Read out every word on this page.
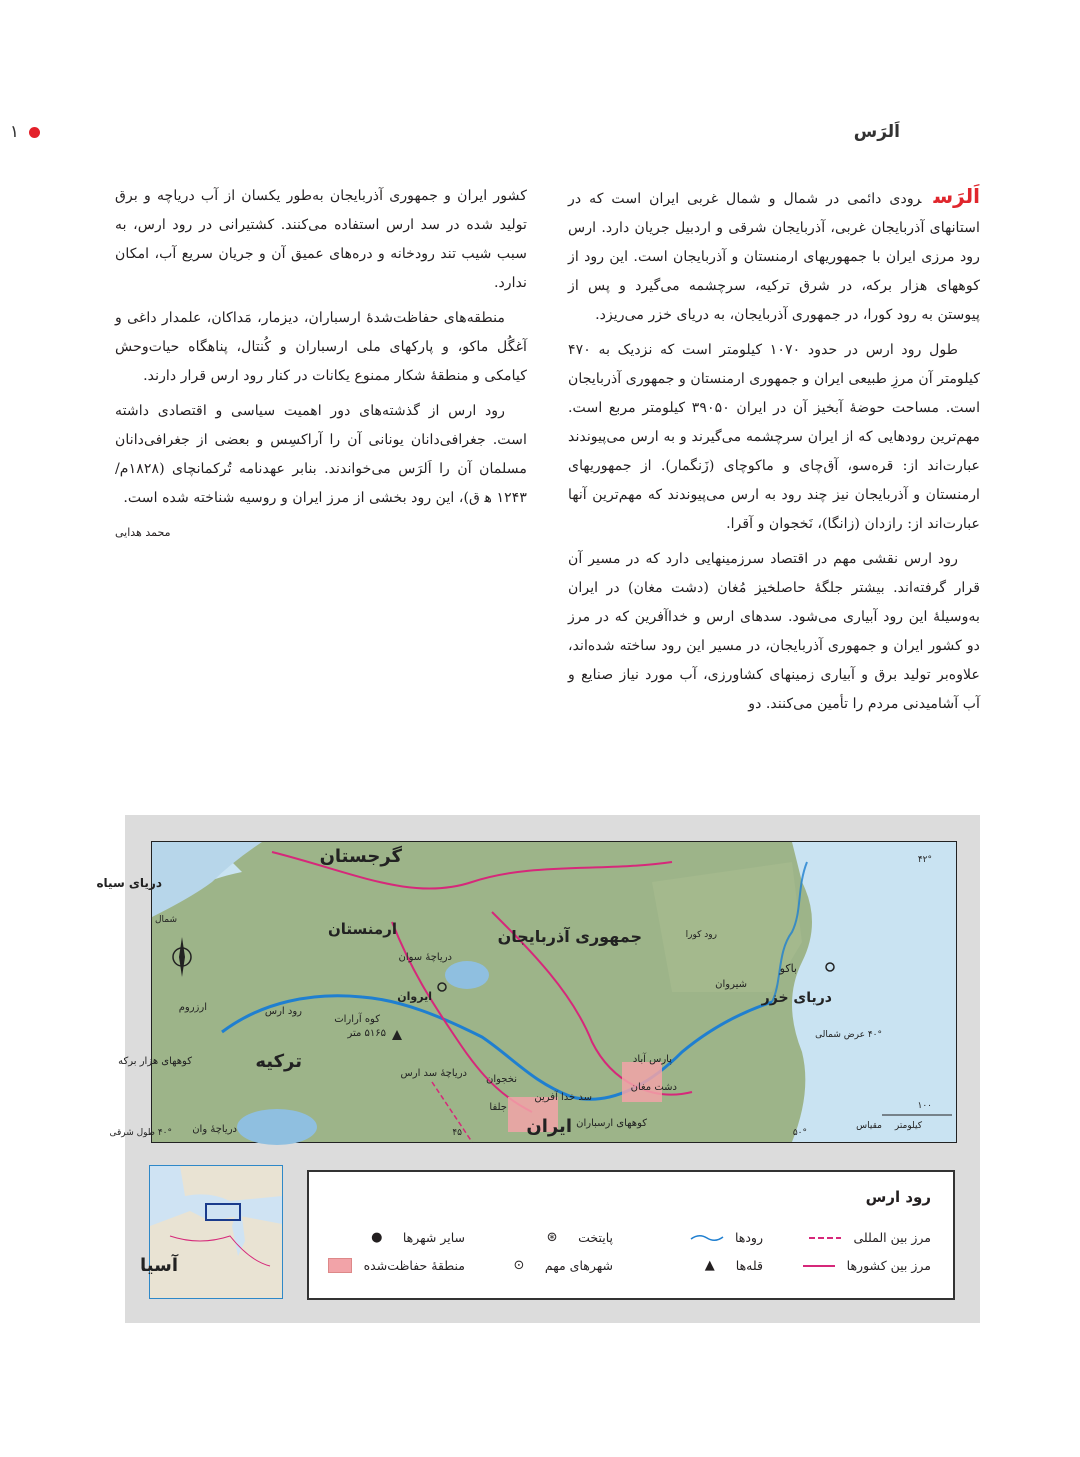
اَلرَس
۱

اَلرَسرودی دائمی در شمال و شمال غربی ایران است که در استانهای آذربایجان غربی، آذربایجان شرقی و اردبیل جریان دارد. ارس رود مرزی ایران با جمهوریهای ارمنستان و آذربایجان است. این رود از کوههای هزار برکه، در شرق ترکیه، سرچشمه می‌گیرد و پس از پیوستن به رود کورا، در جمهوری آذربایجان، به دریای خزر می‌ریزد.

طول رود ارس در حدود ۱۰۷۰ کیلومتر است که نزدیک به ۴۷۰ کیلومتر آن مرزِ طبیعی ایران و جمهوری ارمنستان و جمهوری آذربایجان است. مساحت حوضهٔ آبخیز آن در ایران ۳۹۰۵۰ کیلومتر مربع است. مهم‌ترین رودهایی که از ایران سرچشمه می‌گیرند و به ارس می‌پیوندند عبارت‌اند از: قره‌سو، آق‌چای و ماکوچای (زَنگمار). از جمهوریهای ارمنستان و آذربایجان نیز چند رود به ارس می‌پیوندند که مهم‌ترین آنها عبارت‌اند از: رازدان (زانگا)، نَخجوان و آقرا.

رود ارس نقشی مهم در اقتصاد سرزمینهایی دارد که در مسیر آن قرار گرفته‌اند. بیشتر جلگهٔ حاصلخیز مُغان (دشت مغان) در ایران به‌وسیلهٔ این رود آبیاری می‌شود. سدهای ارس و خداآفرین که در مرز دو کشور ایران و جمهوری آذربایجان، در مسیر این رود ساخته شده‌اند، علاوه‌بر تولید برق و آبیاری زمینهای کشاورزی، آب مورد نیاز صنایع و آب آشامیدنی مردم را تأمین می‌کنند. دو

کشور ایران و جمهوری آذربایجان به‌طور یکسان از آب دریاچه و برق تولید شده در سد ارس استفاده می‌کنند. کشتیرانی در رود ارس، به سبب شیب تند رودخانه و دره‌های عمیق آن و جریان سریع آب، امکان ندارد.

منطقه‌های حفاظت‌شدهٔ ارسباران، دیزمار، مَداکان، علمدار داغی و آغگُل ماکو، و پارکهای ملی ارسباران و کُنتال، پناهگاه حیات‌وحش کیامکی و منطقهٔ شکار ممنوع یکانات در کنار رود ارس قرار دارند.

رود ارس از گذشته‌های دور اهمیت سیاسی و اقتصادی داشته است. جغرافی‌دانان یونانی آن را آراکسِس و بعضی از جغرافی‌دانان مسلمان آن را اَلرَس می‌خواندند. بنابر عهدنامه تُرکمانچای (۱۸۲۸م/ ۱۲۴۳ ه‍ ق)، این رود بخشی از مرز ایران و روسیه شناخته شده است.
محمد هدایی

گرجستان
ارمنستان	جمهوری آذربایجان
ترکیه
ایران
دریای سیاه
دریای خزر
باکو
شیروان
ایروان
دریاچهٔ سوان
ارزروم
کوه آرارات
۵۱۶۵ متر
کوههای هزار برکه
رود ارس
دریاچهٔ وان
جلفا
نخجوان
دریاچهٔ سد ارس
سد خدا آفرین
پارس آباد
دشت مغان
کوههای ارسباران
رود کورا
شمال
۴۲°
۴۰° عرض شمالی
۴۰° طول شرقی	۴۵	۵۰°
کیلومتر
۱۰۰
مقیاس
آسیا
رود ارس
مرز بین المللی
مرز بین کشورها
رودها
قله‌ها
▲
پایتخت
⊛
شهرهای مهم
⊙
سایر شهرها
●
منطقهٔ حفاظت‌شده
